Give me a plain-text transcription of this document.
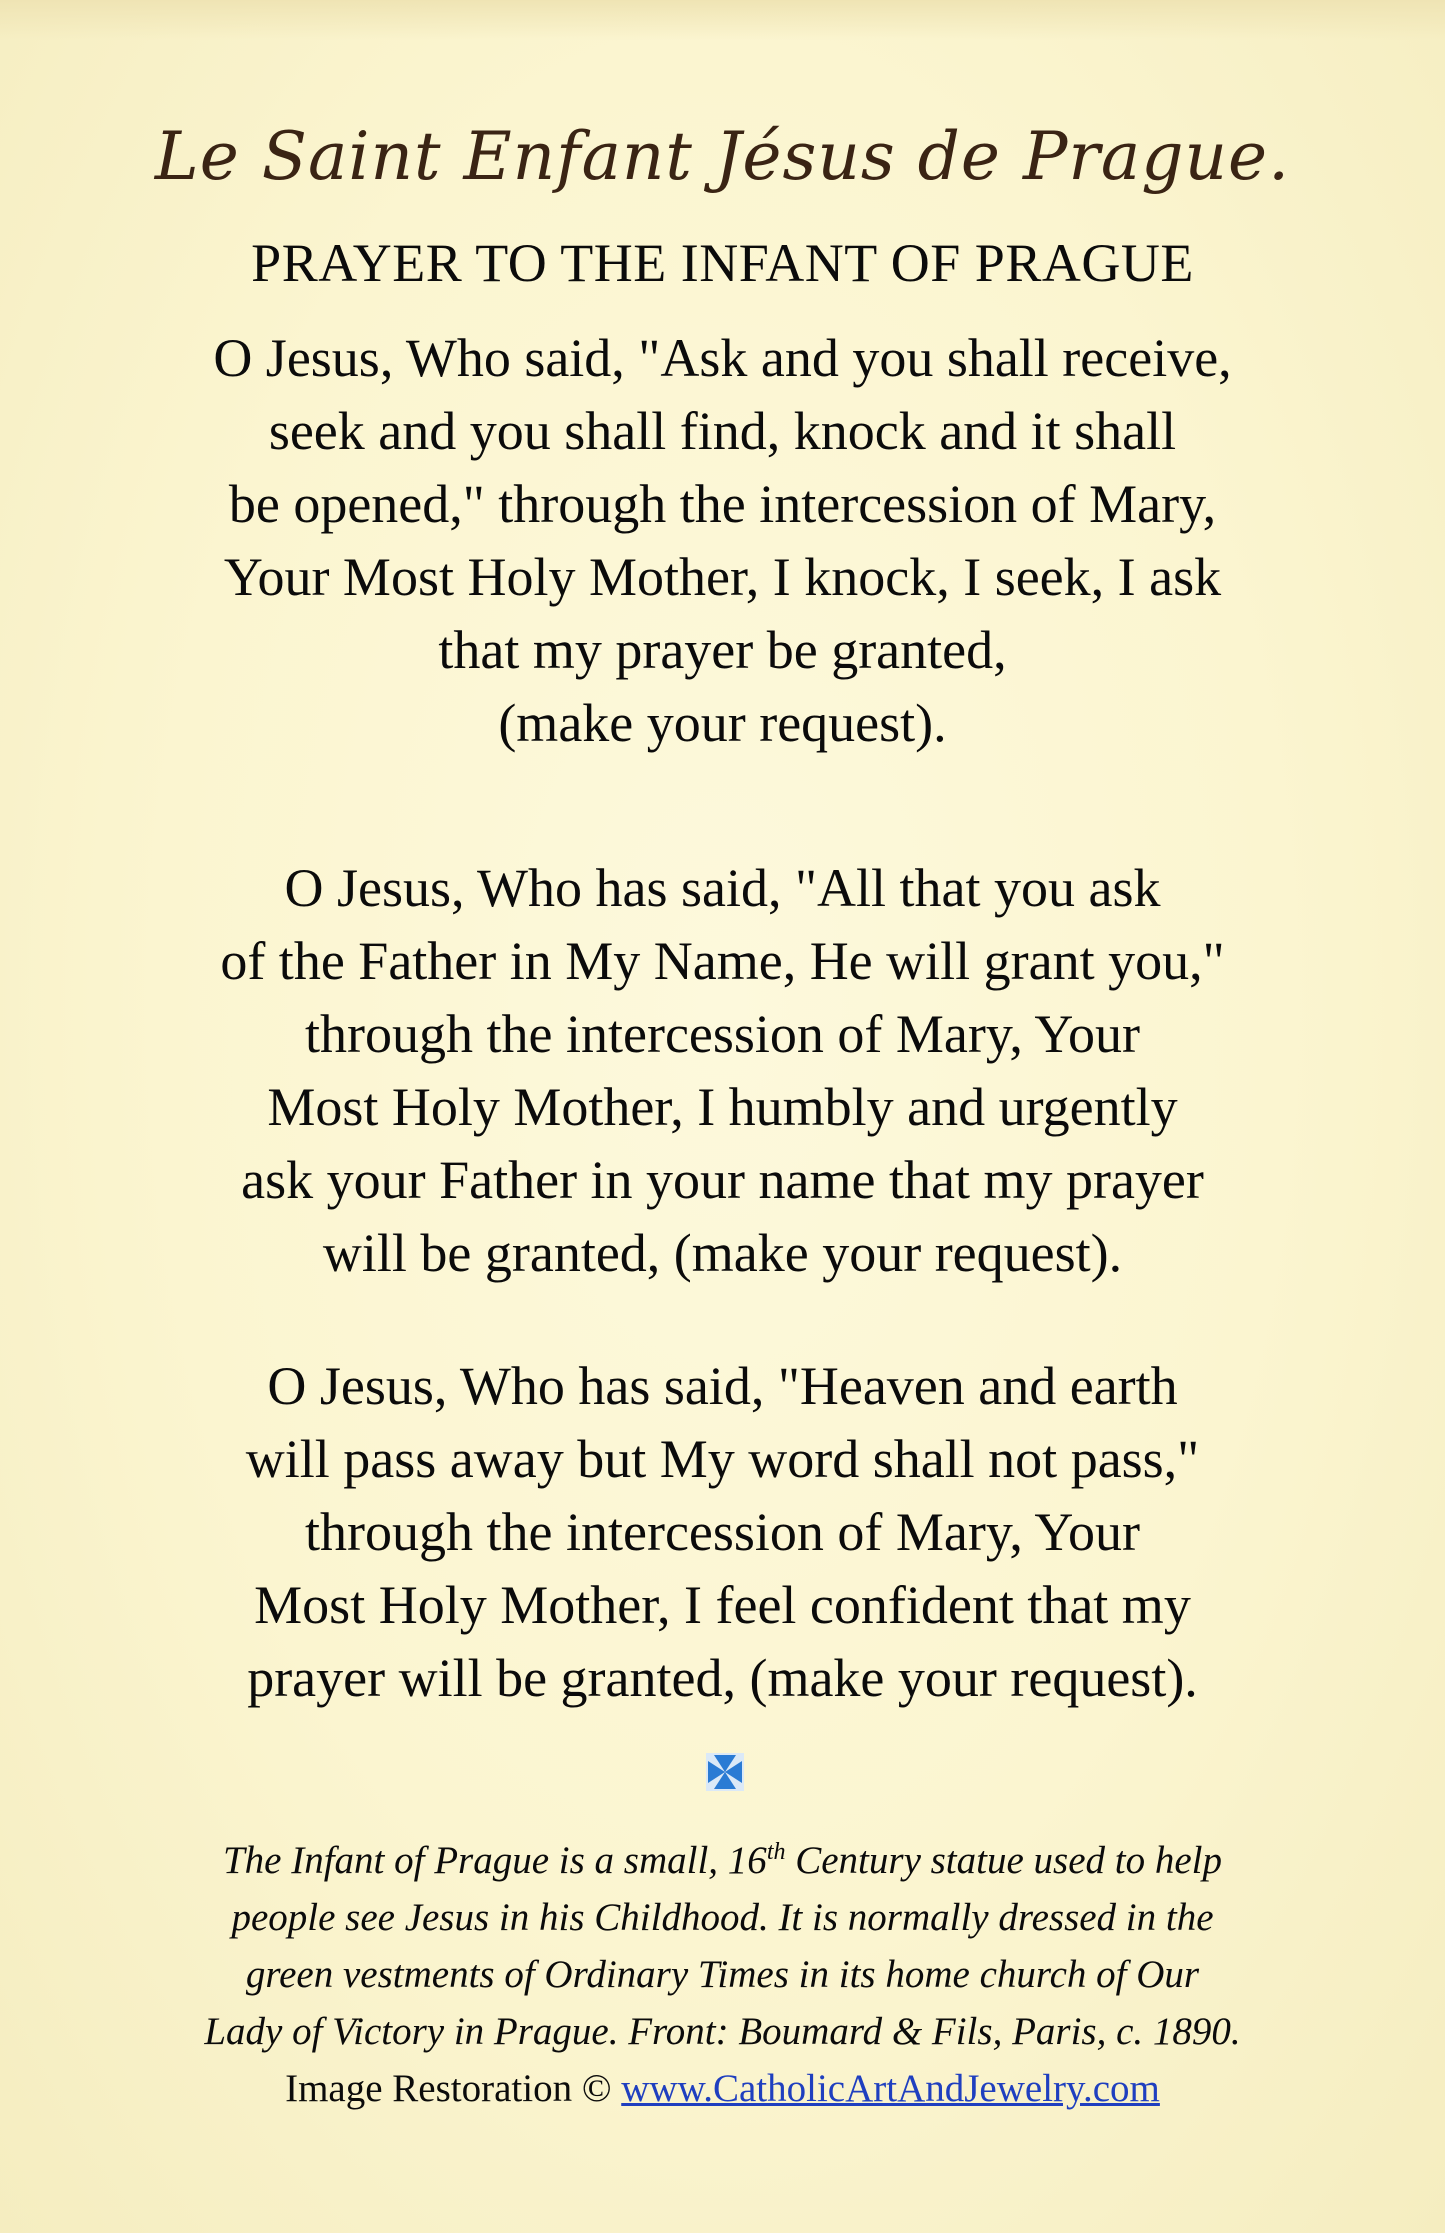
Le Saint Enfant Jésus de Prague.
PRAYER TO THE INFANT OF PRAGUE

O Jesus, Who said, "Ask and you shall receive,
seek and you shall find, knock and it shall
be opened," through the intercession of Mary,
Your Most Holy Mother, I knock, I seek, I ask
that my prayer be granted,
(make your request).

O Jesus, Who has said, "All that you ask
of the Father in My Name, He will grant you,"
through the intercession of Mary, Your
Most Holy Mother, I humbly and urgently
ask your Father in your name that my prayer
will be granted, (make your request).

O Jesus, Who has said, "Heaven and earth
will pass away but My word shall not pass,"
through the intercession of Mary, Your
Most Holy Mother, I feel confident that my
prayer will be granted, (make your request).

The Infant of Prague is a small, 16th Century statue used to help
people see Jesus in his Childhood. It is normally dressed in the
green vestments of Ordinary Times in its home church of Our
Lady of Victory in Prague. Front: Boumard & Fils, Paris, c. 1890.

Image Restoration © www.CatholicArtAndJewelry.com
